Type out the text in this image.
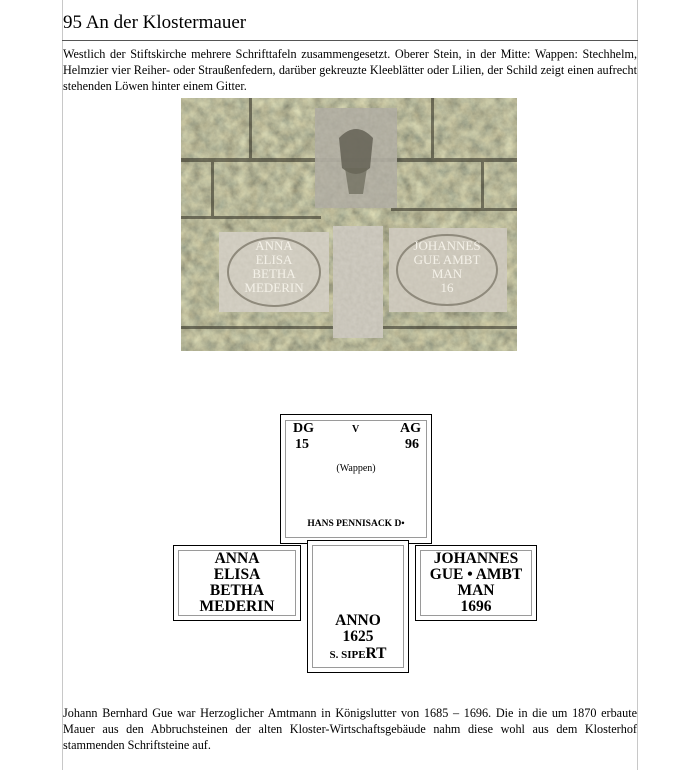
95 An der Klostermauer
Westlich der Stiftskirche mehrere Schrifttafeln zusammengesetzt. Oberer Stein, in der Mitte: Wappen: Stechhelm, Helmzier vier Reiher- oder Straußenfedern, darüber gekreuzte Kleeblätter oder Lilien, der Schild zeigt einen aufrecht stehenden Löwen hinter einem Gitter.
ANNA
ELISA
BETHA
MEDERIN
JOHANNES
GUE AMBT
MAN
16
DG	V	AG
15	96
(Wappen)
HANS PENNISACK D•
ANNA
ELISA
BETHA
MEDERIN
ANNO
1625
S. SIPERT
JOHANNES
GUE • AMBT
MAN
1696
Johann Bernhard Gue war Herzoglicher Amtmann in Königslutter von 1685 – 1696. Die in die um 1870 erbaute Mauer aus den Abbruchsteinen der alten Kloster-Wirtschaftsgebäude nahm diese wohl aus dem Klosterhof stammenden Schriftsteine auf.
